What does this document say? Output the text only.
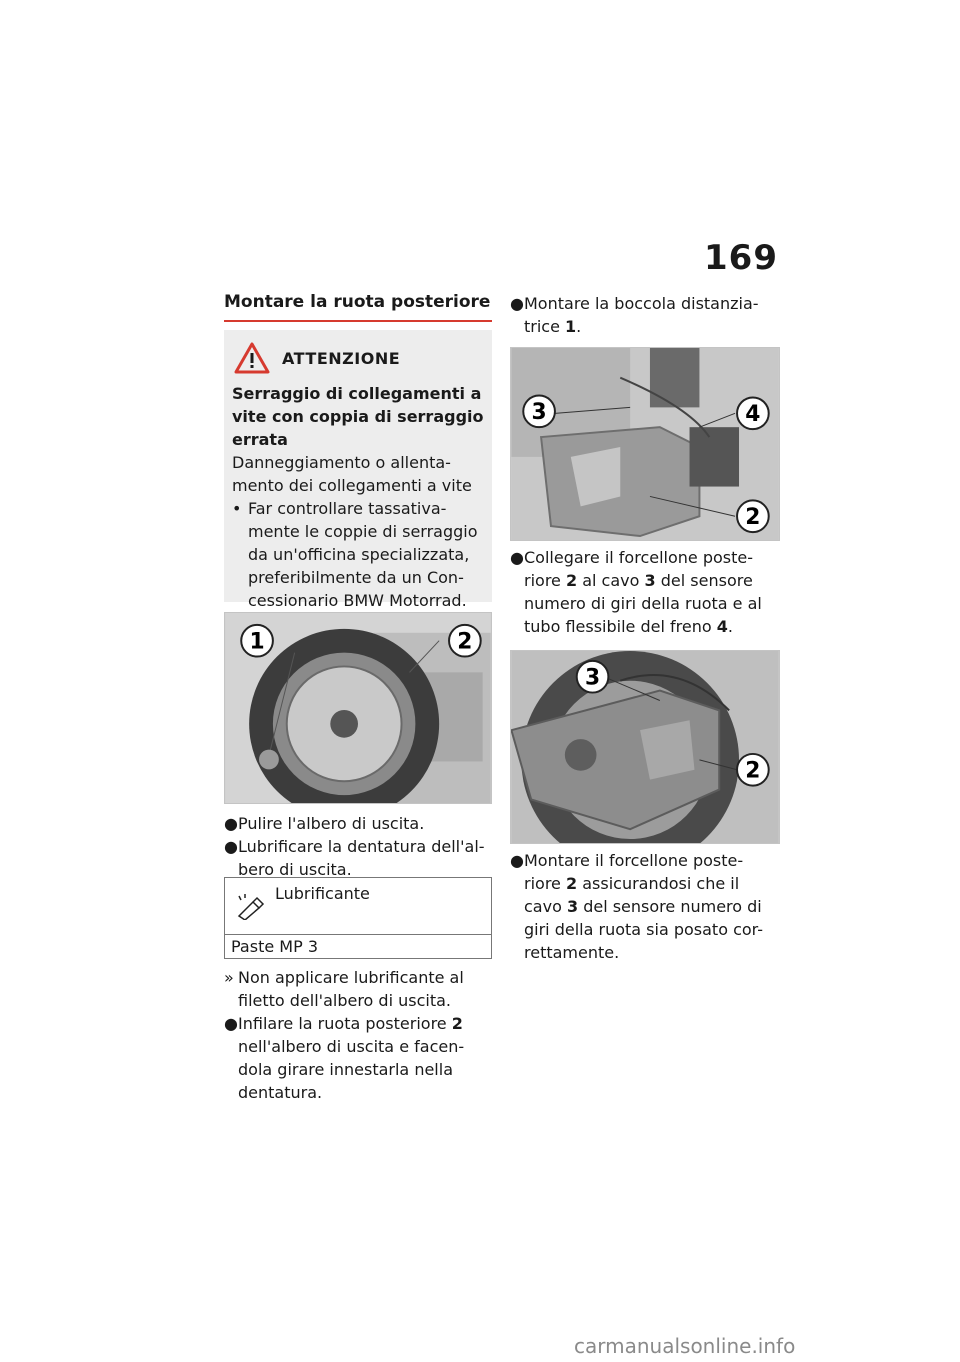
169
Montare la ruota posteriore
ATTENZIONE
Serraggio di collegamenti a vite con coppia di serraggio errata
Danneggiamento o allenta-mento dei collegamenti a vite
• Far controllare tassativa-mente le coppie di serraggio da un'officina specializzata, preferibilmente da un Con-cessionario BMW Motorrad.
1	2
● Pulire l'albero di uscita.
● Lubrificare la dentatura dell'al-bero di uscita.
Lubrificante
Paste MP 3
» Non applicare lubrificante al filetto dell'albero di uscita.
● Infilare la ruota posteriore 2 nell'albero di uscita e facen-dola girare innestarla nella dentatura.
● Montare la boccola distanzia-trice 1.
3	4
2
● Collegare il forcellone poste-riore 2 al cavo 3 del sensore numero di giri della ruota e al tubo flessibile del freno 4.
3
2
● Montare il forcellone poste-riore 2 assicurandosi che il cavo 3 del sensore numero di giri della ruota sia posato cor-rettamente.
carmanualsonline.info
